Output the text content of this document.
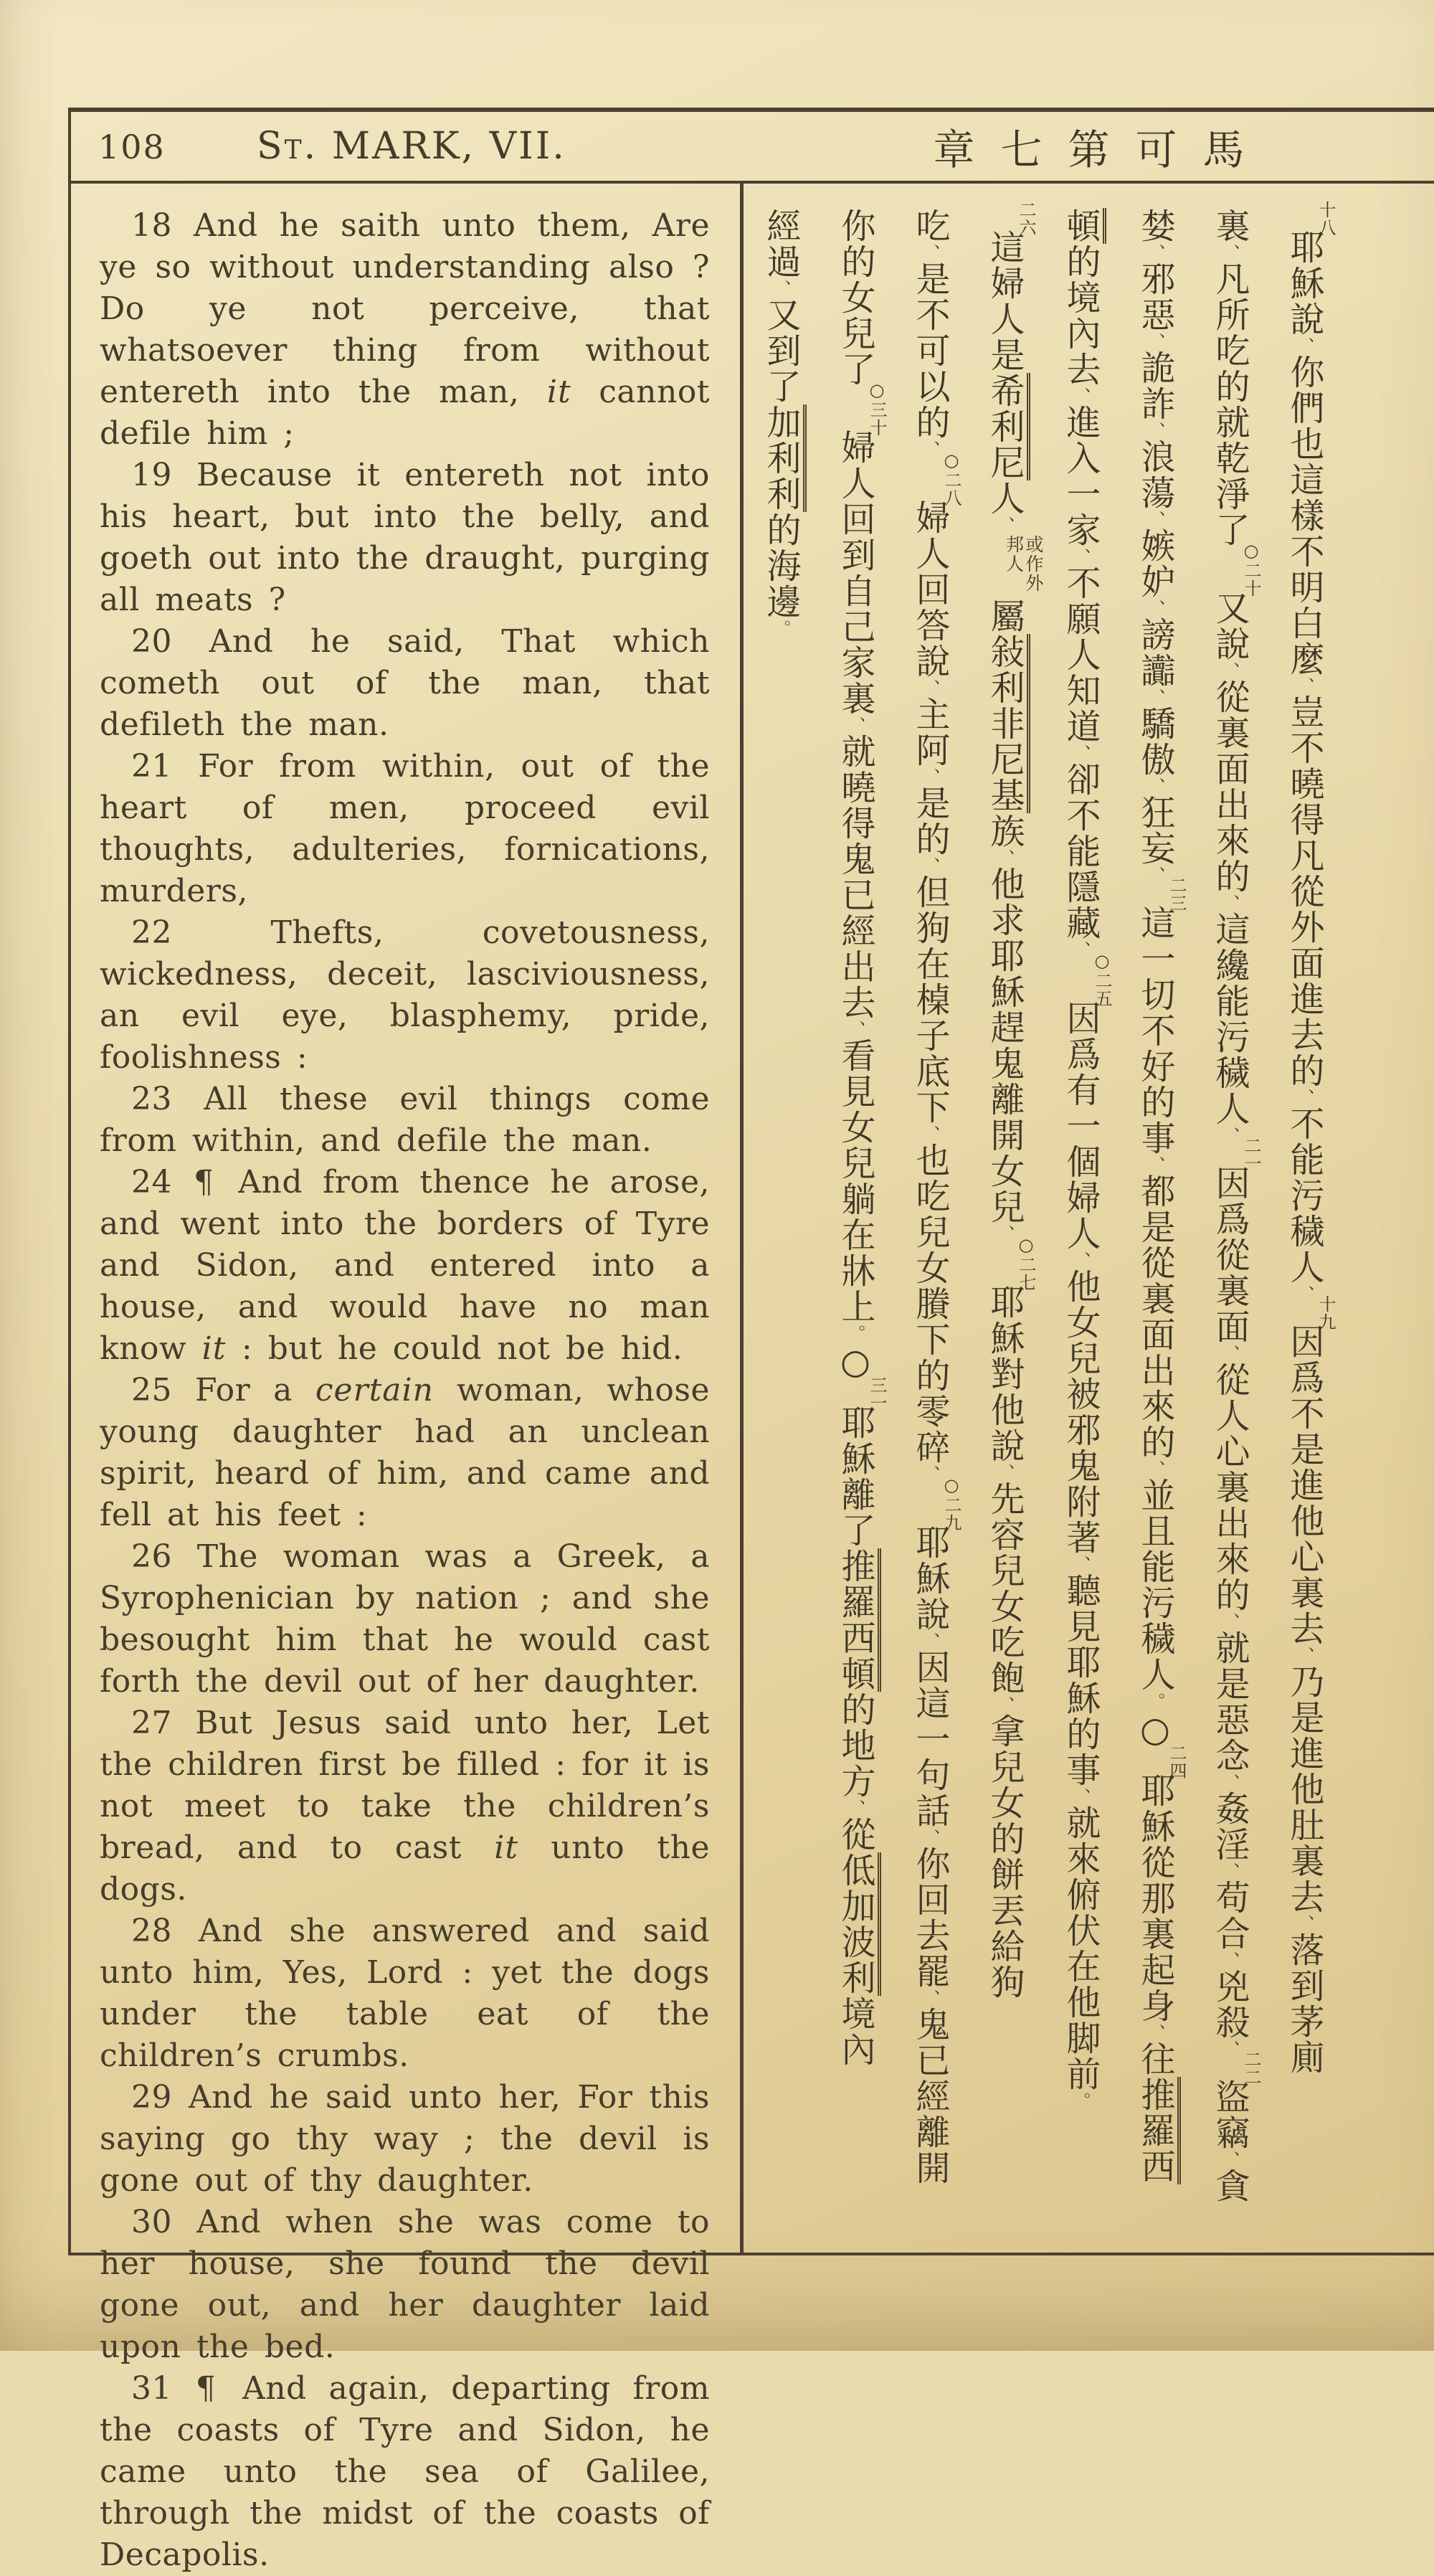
108	St. MARK, VII.	章七第可馬

18 And he saith unto them, Are ye so without understanding also ? Do ye not perceive, that whatsoever thing from without entereth into the man, it cannot defile him ;

19 Because it entereth not into his heart, but into the belly, and goeth out into the draught, purging all meats ?

20 And he said, That which cometh out of the man, that defileth the man.

21 For from within, out of the heart of men, proceed evil thoughts, adulteries, fornications, murders,

22	Thefts, covetousness, wickedness, deceit, lasciviousness, an evil eye, blasphemy, pride, foolishness :

23 All these evil things come from within, and defile the man.

24 ¶ And from thence he arose, and went into the borders of Tyre and Sidon, and entered into a house, and would have no man know it : but he could not be hid.

25 For a certain woman, whose young daughter had an unclean spirit, heard of him, and came and fell at his feet :

26 The woman was a Greek, a Syrophenician by nation ; and she besought him that he would cast forth the devil out of her daughter.

27 But Jesus said unto her, Let the children first be filled : for it is not meet to take the children’s bread, and to cast it unto the dogs.

28 And she answered and said unto him, Yes, Lord : yet the dogs under the table eat of the children’s crumbs.

29 And he said unto her, For this saying go thy way ; the devil is gone out of thy daughter.

30 And when she was come to her house, she found the devil gone out, and her daughter laid upon the bed.

31 ¶ And again, departing from the coasts of Tyre and Sidon, he came unto the sea of Galilee, through the midst of the coasts of Decapolis.

十八耶穌說、你們也這樣不明白麼、豈不曉得凡從外面進去的、不能污穢人、十九因爲不是進他心裏去、乃是進他肚裏去、落到茅廁
裏、凡所吃的就乾淨了○二十又說、從裏面出來的、這纔能污穢人、二一因爲從裏面、從人心裏出來的、就是惡念、姦淫、苟合、兇殺、二二盜竊、貪
婪、邪惡、詭詐、浪蕩、嫉妒、謗讟、驕傲、狂妄、二三這一切不好的事、都是從裏面出來的、並且能污穢人。○二四耶穌從那裏起身、往推羅西
頓的境內去、進入一家、不願人知道、卻不能隱藏、○二五因爲有一個婦人、他女兒被邪鬼附著、聽見耶穌的事、就來俯伏在他脚前。
二六這婦人是希利尼人、或作外邦人屬敍利非尼基族、他求耶穌趕鬼離開女兒、○二七耶穌對他說、先容兒女吃飽、拿兒女的餅丟給狗
吃、是不可以的、○二八婦人回答說、主阿、是的、但狗在槕子底下、也吃兒女賸下的零碎、○二九耶穌說、因這一句話、你回去罷、鬼已經離開
你的女兒了○三十婦人回到自己家裏、就曉得鬼已經出去、看見女兒躺在牀上。○三一耶穌離了推羅西頓的地方、從低加波利境內
經過、又到了加利利的海邊。
